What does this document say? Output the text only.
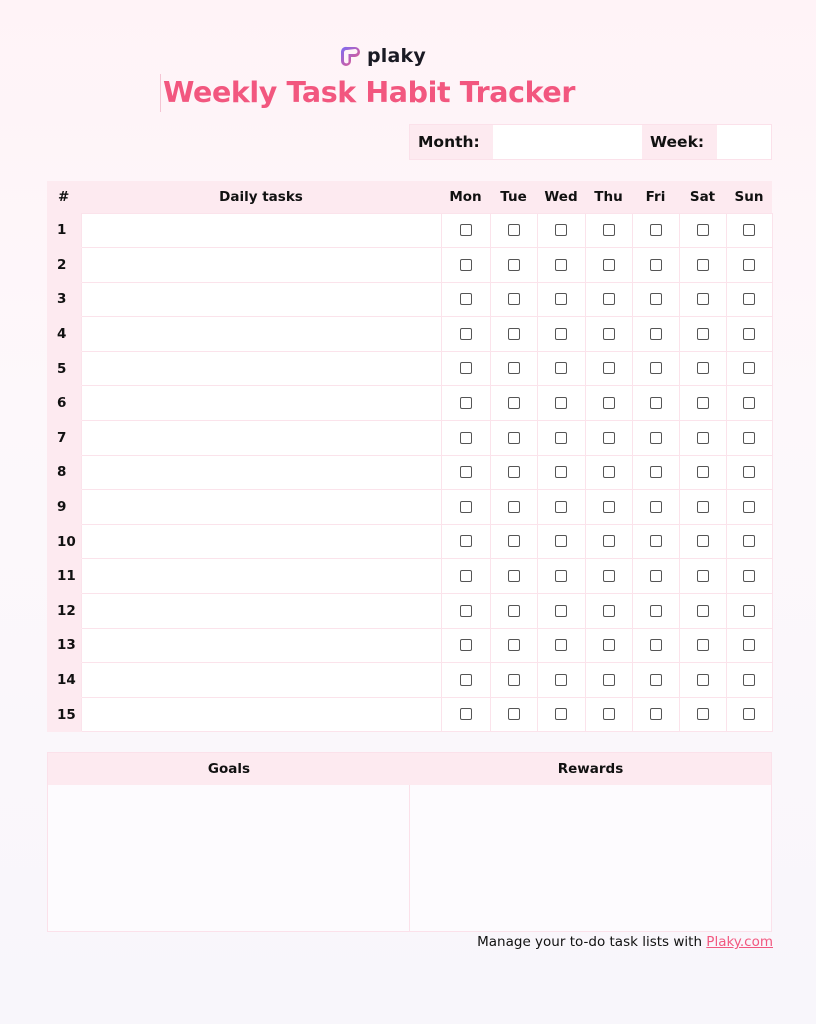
plaky
Weekly Task Habit Tracker
Month:	Week:
#	Daily tasks	Mon	Tue	Wed	Thu	Fri	Sat	Sun
1								
2								
3								
4								
5								
6								
7								
8								
9								
10								
11								
12								
13								
14								
15								
Goals	Rewards
Manage your to-do task lists with Plaky.com
